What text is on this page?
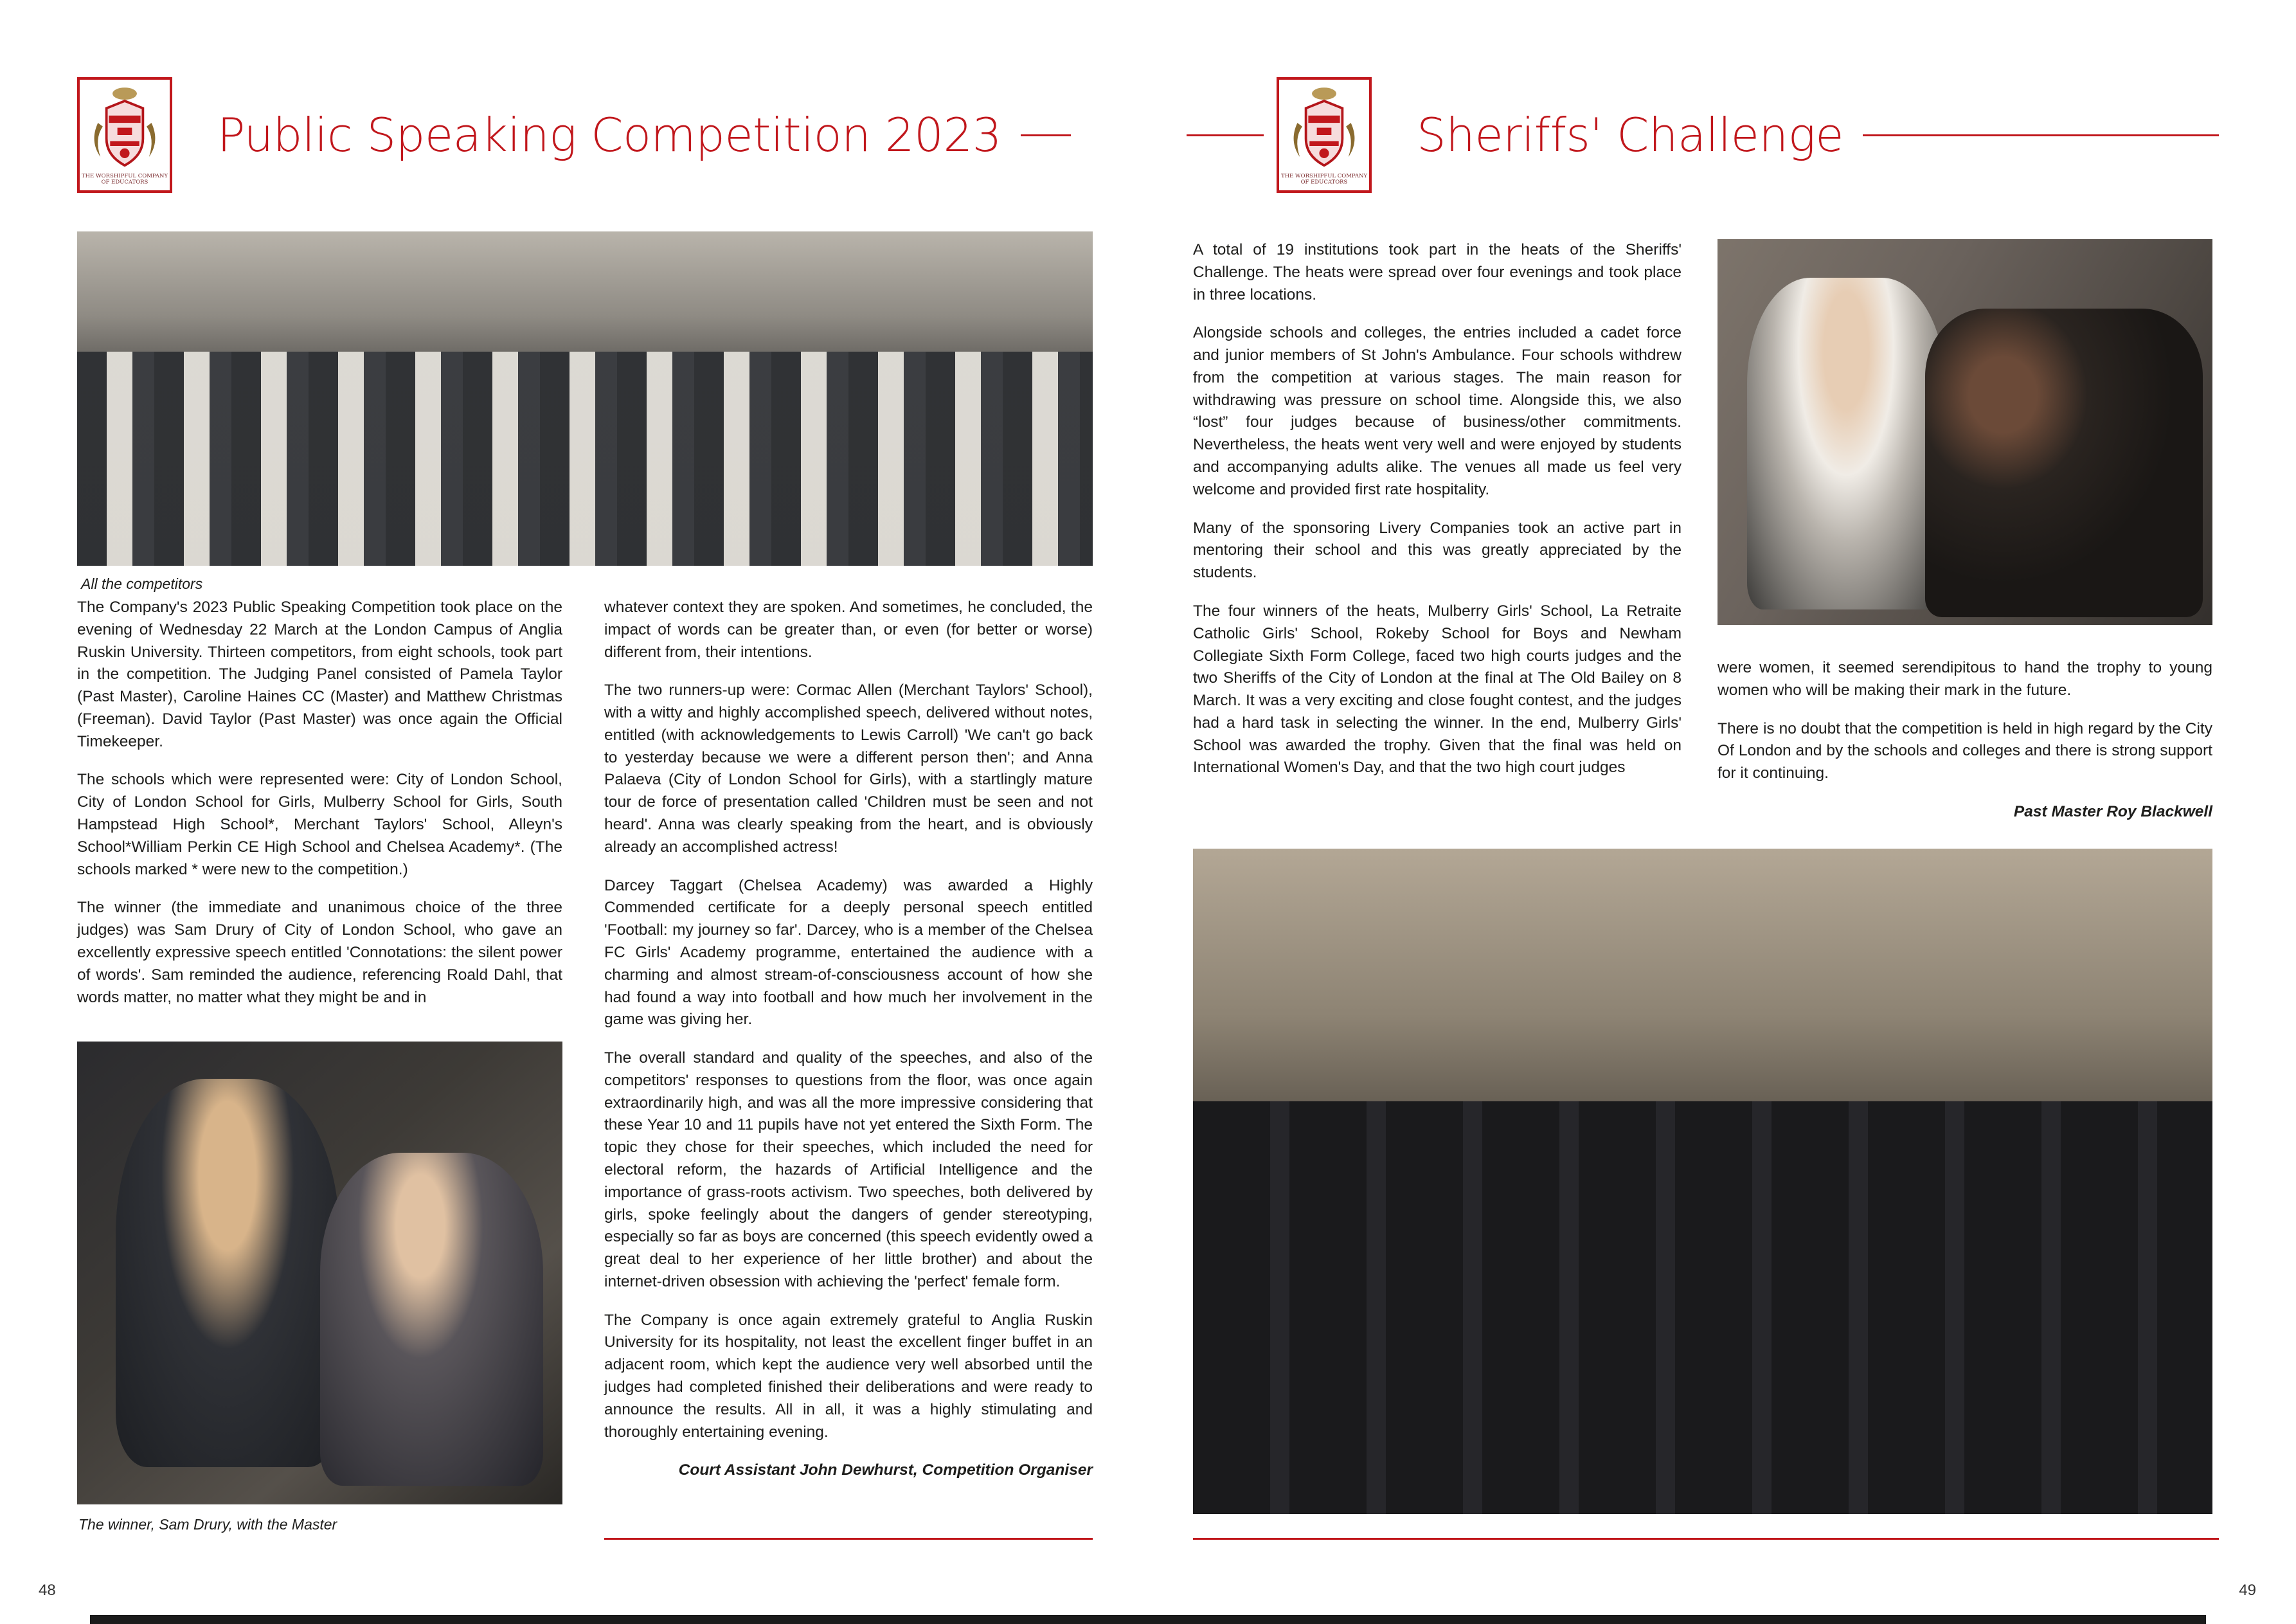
THE WORSHIPFUL COMPANY
OF EDUCATORS
Public Speaking Competition 2023
All the competitors

The Company's 2023 Public Speaking Competition took place on the evening of Wednesday 22 March at the London Campus of Anglia Ruskin University. Thirteen competitors, from eight schools, took part in the competition. The Judging Panel consisted of Pamela Taylor (Past Master), Caroline Haines CC (Master) and Matthew Christmas (Freeman). David Taylor (Past Master) was once again the Official Timekeeper.

The schools which were represented were: City of London School, City of London School for Girls, Mulberry School for Girls, South Hampstead High School*, Merchant Taylors' School, Alleyn's School*William Perkin CE High School and Chelsea Academy*. (The schools marked * were new to the competition.)

The winner (the immediate and unanimous choice of the three judges) was Sam Drury of City of London School, who gave an excellently expressive speech entitled 'Connotations: the silent power of words'. Sam reminded the audience, referencing Roald Dahl, that words matter, no matter what they might be and in

The winner, Sam Drury, with the Master

whatever context they are spoken. And sometimes, he concluded, the impact of words can be greater than, or even (for better or worse) different from, their intentions.

The two runners-up were: Cormac Allen (Merchant Taylors' School), with a witty and highly accomplished speech, delivered without notes, entitled (with acknowledgements to Lewis Carroll) 'We can't go back to yesterday because we were a different person then'; and Anna Palaeva (City of London School for Girls), with a startlingly mature tour de force of presentation called 'Children must be seen and not heard'. Anna was clearly speaking from the heart, and is obviously already an accomplished actress!

Darcey Taggart (Chelsea Academy) was awarded a Highly Commended certificate for a deeply personal speech entitled 'Football: my journey so far'. Darcey, who is a member of the Chelsea FC Girls' Academy programme, entertained the audience with a charming and almost stream-of-consciousness account of how she had found a way into football and how much her involvement in the game was giving her.

The overall standard and quality of the speeches, and also of the competitors' responses to questions from the floor, was once again extraordinarily high, and was all the more impressive considering that these Year 10 and 11 pupils have not yet entered the Sixth Form. The topic they chose for their speeches, which included the need for electoral reform, the hazards of Artificial Intelligence and the importance of grass-roots activism. Two speeches, both delivered by girls, spoke feelingly about the dangers of gender stereotyping, especially so far as boys are concerned (this speech evidently owed a great deal to her experience of her little brother) and about the internet-driven obsession with achieving the 'perfect' female form.

The Company is once again extremely grateful to Anglia Ruskin University for its hospitality, not least the excellent finger buffet in an adjacent room, which kept the audience very well absorbed until the judges had completed finished their deliberations and were ready to announce the results. All in all, it was a highly stimulating and thoroughly entertaining evening.

Court Assistant John Dewhurst, Competition Organiser
48
THE WORSHIPFUL COMPANY
OF EDUCATORS
Sheriffs' Challenge

A total of 19 institutions took part in the heats of the Sheriffs' Challenge. The heats were spread over four evenings and took place in three locations.

Alongside schools and colleges, the entries included a cadet force and junior members of St John's Ambulance. Four schools withdrew from the competition at various stages. The main reason for withdrawing was pressure on school time. Alongside this, we also “lost” four judges because of business/other commitments. Nevertheless, the heats went very well and were enjoyed by students and accompanying adults alike. The venues all made us feel very welcome and provided first rate hospitality.

Many of the sponsoring Livery Companies took an active part in mentoring their school and this was greatly appreciated by the students.

The four winners of the heats, Mulberry Girls' School, La Retraite Catholic Girls' School, Rokeby School for Boys and Newham Collegiate Sixth Form College, faced two high courts judges and the two Sheriffs of the City of London at the final at The Old Bailey on 8 March. It was a very exciting and close fought contest, and the judges had a hard task in selecting the winner. In the end, Mulberry Girls' School was awarded the trophy. Given that the final was held on International Women's Day, and that the two high court judges

were women, it seemed serendipitous to hand the trophy to young women who will be making their mark in the future.

There is no doubt that the competition is held in high regard by the City Of London and by the schools and colleges and there is strong support for it continuing.

Past Master Roy Blackwell
49
